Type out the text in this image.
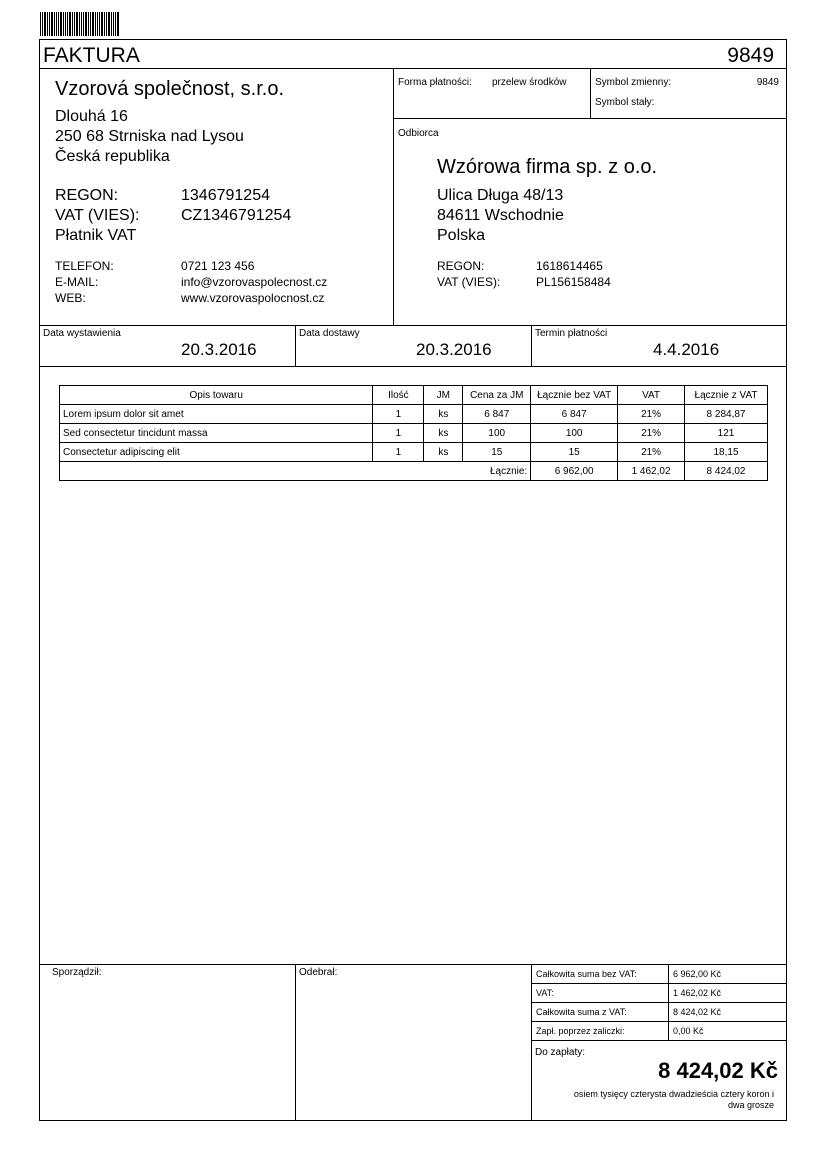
FAKTURA	9849
Vzorová společnost, s.r.o.
Dlouhá 16
250 68 Strniska nad Lysou
Česká republika
REGON:	1346791254
VAT (VIES):	CZ1346791254
Płatnik VAT
TELEFON:	0721 123 456
E-MAIL:	info@vzorovaspolecnost.cz
WEB:	www.vzorovaspolocnost.cz
Forma płatności: przelew środków	Symbol zmienny:	9849
Symbol stały:
Odbiorca
Wzórowa firma sp. z o.o.
Ulica Długa 48/13
84611 Wschodnie
Polska
REGON:	1618614465
VAT (VIES):	PL156158484
Data wystawienia
20.3.2016
Data dostawy
20.3.2016
Termin płatności
4.4.2016
Opis towaru	Ilość	JM	Cena za JM	Łącznie bez VAT	VAT	Łącznie z VAT
Lorem ipsum dolor sit amet	1	ks	6 847	6 847	21%	8 284,87
Sed consectetur tincidunt massa	1	ks	100	100	21%	121
Consectetur adipiscing elit	1	ks	15	15	21%	18,15
Łącznie:				6 962,00	1 462,02	8 424,02
Sporządził:	Odebrał:	Całkowita suma bez VAT:	6 962,00 Kč
VAT:	1 462,02 Kč
Całkowita suma z VAT:	8 424,02 Kč
Zapł. poprzez zaliczki:	0,00 Kč
Do zapłaty:
8 424,02 Kč
osiem tysięcy czterysta dwadzieścia cztery koron i
dwa grosze
